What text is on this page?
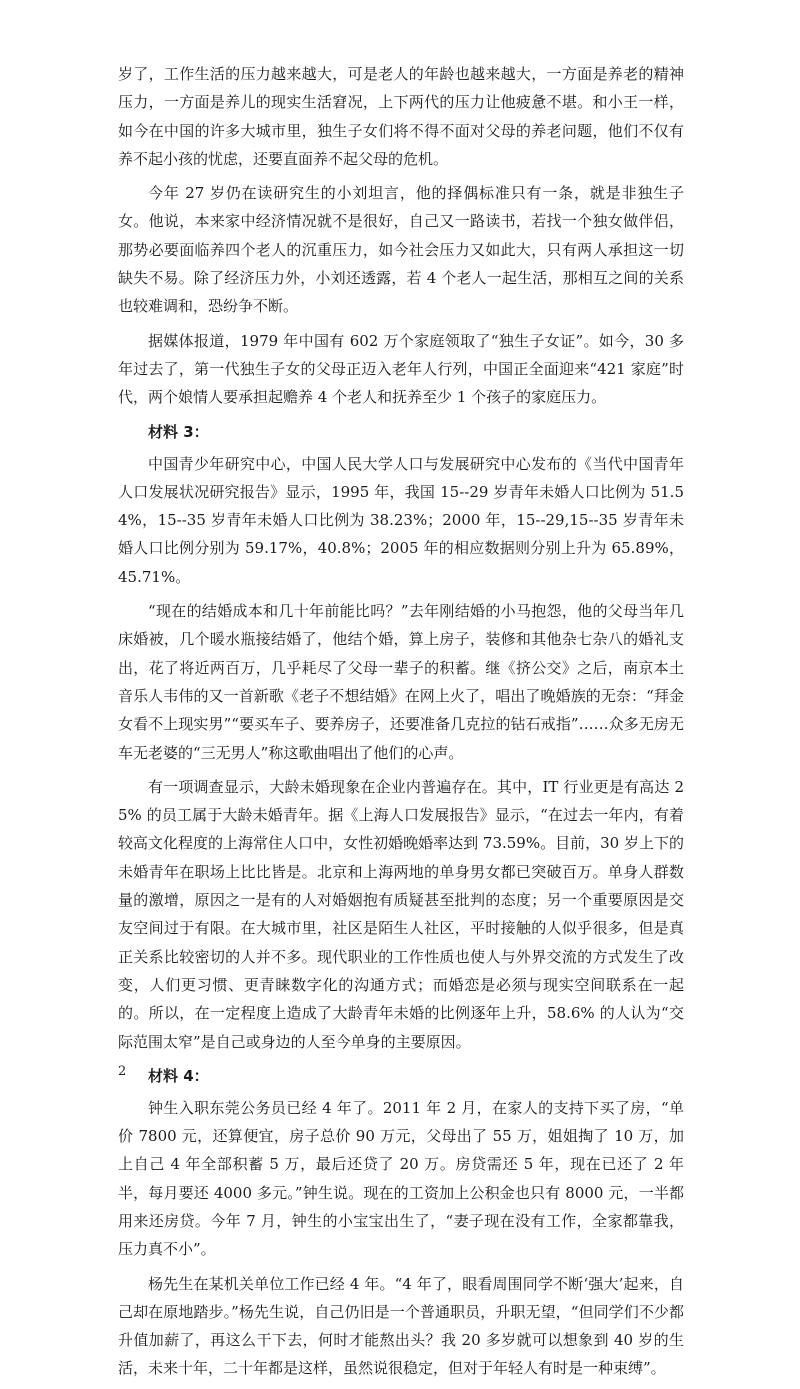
岁了，工作生活的压力越来越大，可是老人的年龄也越来越大，一方面是养老的精神压力，一方面是养儿的现实生活窘况，上下两代的压力让他疲惫不堪。和小王一样，如今在中国的许多大城市里，独生子女们将不得不面对父母的养老问题，他们不仅有养不起小孩的忧虑，还要直面养不起父母的危机。

今年 27 岁仍在读研究生的小刘坦言，他的择偶标准只有一条，就是非独生子女。他说，本来家中经济情况就不是很好，自己又一路读书，若找一个独女做伴侣，那势必要面临养四个老人的沉重压力，如今社会压力又如此大，只有两人承担这一切缺失不易。除了经济压力外，小刘还透露，若 4 个老人一起生活，那相互之间的关系也较难调和，恐纷争不断。

据媒体报道，1979 年中国有 602 万个家庭领取了“独生子女证”。如今，30 多年过去了，第一代独生子女的父母正迈入老年人行列，中国正全面迎来“421 家庭”时代，两个娘情人要承担起赡养 4 个老人和抚养至少 1 个孩子的家庭压力。

材料 3：

中国青少年研究中心，中国人民大学人口与发展研究中心发布的《当代中国青年人口发展状况研究报告》显示，1995 年，我国 15--29 岁青年未婚人口比例为 51.54%，15--35 岁青年未婚人口比例为 38.23%；2000 年，15--29,15--35 岁青年未婚人口比例分别为 59.17%，40.8%；2005 年的相应数据则分别上升为 65.89%，45.71%。

“现在的结婚成本和几十年前能比吗？”去年刚结婚的小马抱怨，他的父母当年几床婚被，几个暖水瓶接结婚了，他结个婚，算上房子，装修和其他杂七杂八的婚礼支出，花了将近两百万，几乎耗尽了父母一辈子的积蓄。继《挤公交》之后，南京本土音乐人韦伟的又一首新歌《老子不想结婚》在网上火了，唱出了晚婚族的无奈：“拜金女看不上现实男”“要买车子、要养房子，还要准备几克拉的钻石戒指”……众多无房无车无老婆的“三无男人”称这歌曲唱出了他们的心声。

有一项调查显示，大龄未婚现象在企业内普遍存在。其中，IT 行业更是有高达 25% 的员工属于大龄未婚青年。据《上海人口发展报告》显示，“在过去一年内，有着较高文化程度的上海常住人口中，女性初婚晚婚率达到 73.59%。目前，30 岁上下的未婚青年在职场上比比皆是。北京和上海两地的单身男女都已突破百万。单身人群数量的激增，原因之一是有的人对婚姻抱有质疑甚至批判的态度；另一个重要原因是交友空间过于有限。在大城市里，社区是陌生人社区，平时接触的人似乎很多，但是真正关系比较密切的人并不多。现代职业的工作性质也使人与外界交流的方式发生了改变，人们更习惯、更青睐数字化的沟通方式；而婚恋是必须与现实空间联系在一起的。所以，在一定程度上造成了大龄青年未婚的比例逐年上升，58.6% 的人认为“交际范围太窄”是自己或身边的人至今单身的主要原因。

材料 4：

钟生入职东莞公务员已经 4 年了。2011 年 2 月，在家人的支持下买了房，“单价 7800 元，还算便宜，房子总价 90 万元，父母出了 55 万，姐姐掏了 10 万，加上自己 4 年全部积蓄 5 万，最后还贷了 20 万。房贷需还 5 年，现在已还了 2 年半，每月要还 4000 多元。”钟生说。现在的工资加上公积金也只有 8000 元，一半都用来还房贷。今年 7 月，钟生的小宝宝出生了，“妻子现在没有工作，全家都靠我，压力真不小”。

杨先生在某机关单位工作已经 4 年。“4 年了，眼看周围同学不断‘强大’起来，自己却在原地踏步。”杨先生说，自己仍旧是一个普通职员，升职无望，“但同学们不少都升值加薪了，再这么干下去，何时才能熬出头？我 20 多岁就可以想象到 40 岁的生活，未来十年，二十年都是这样，虽然说很稳定，但对于年轻人有时是一种束缚”。

2
